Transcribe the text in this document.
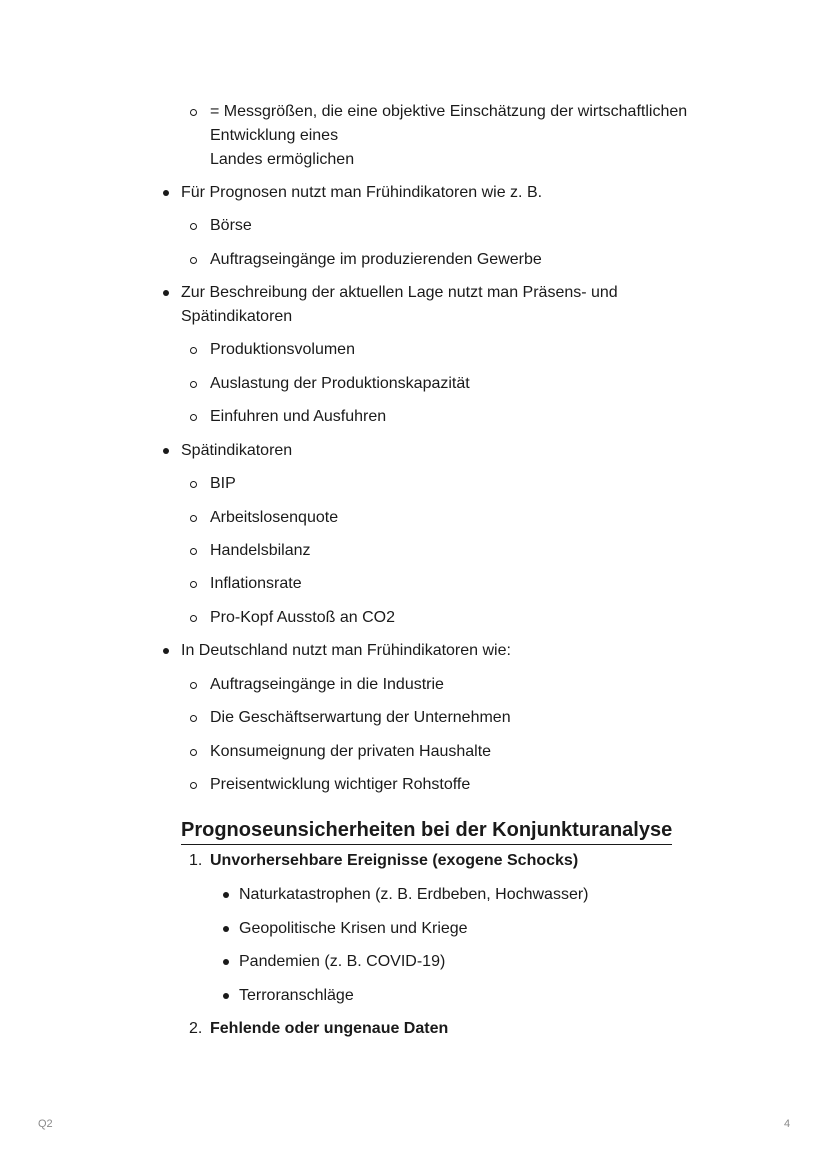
= Messgrößen, die eine objektive Einschätzung der wirtschaftlichen
Entwicklung eines
Landes ermöglichen
Für Prognosen nutzt man Frühindikatoren wie z. B.
Börse
Auftragseingänge im produzierenden Gewerbe
Zur Beschreibung der aktuellen Lage nutzt man Präsens- und
Spätindikatoren
Produktionsvolumen
Auslastung der Produktionskapazität
Einfuhren und Ausfuhren
Spätindikatoren
BIP
Arbeitslosenquote
Handelsbilanz
Inflationsrate
Pro-Kopf Ausstoß an CO2
In Deutschland nutzt man Frühindikatoren wie:
Auftragseingänge in die Industrie
Die Geschäftserwartung der Unternehmen
Konsumeignung der privaten Haushalte
Preisentwicklung wichtiger Rohstoffe
Prognoseunsicherheiten bei der Konjunkturanalyse
1. Unvorhersehbare Ereignisse (exogene Schocks)
Naturkatastrophen (z. B. Erdbeben, Hochwasser)
Geopolitische Krisen und Kriege
Pandemien (z. B. COVID-19)
Terroranschläge
2. Fehlende oder ungenaue Daten
Q2	4
